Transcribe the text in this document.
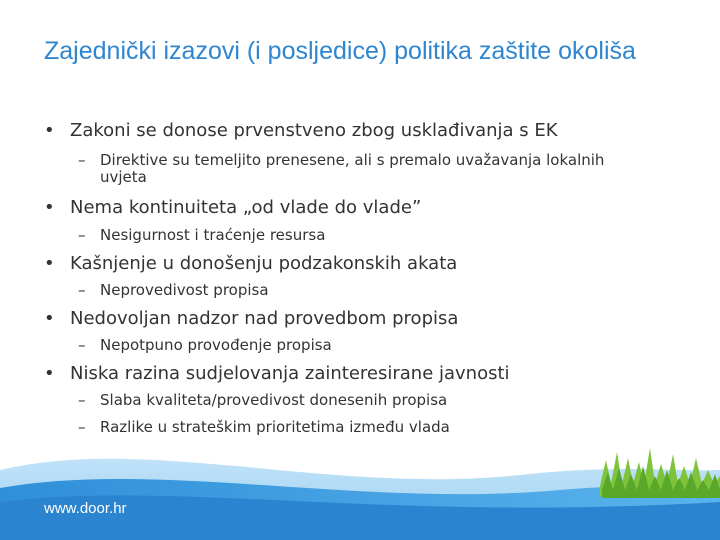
Zajednički izazovi (i posljedice) politika zaštite okoliša
• Zakoni se donose prvenstveno zbog usklađivanja s EK
– Direktive su temeljito prenesene, ali s premalo uvažavanja lokalnih uvjeta
• Nema kontinuiteta „od vlade do vlade”
– Nesigurnost i traćenje resursa
• Kašnjenje u donošenju podzakonskih akata
– Neprovedivost propisa
• Nedovoljan nadzor nad provedbom propisa
– Nepotpuno provođenje propisa
• Niska razina sudjelovanja zainteresirane javnosti
– Slaba kvaliteta/provedivost donesenih propisa
– Razlike u strateškim prioritetima između vlada
www.door.hr
